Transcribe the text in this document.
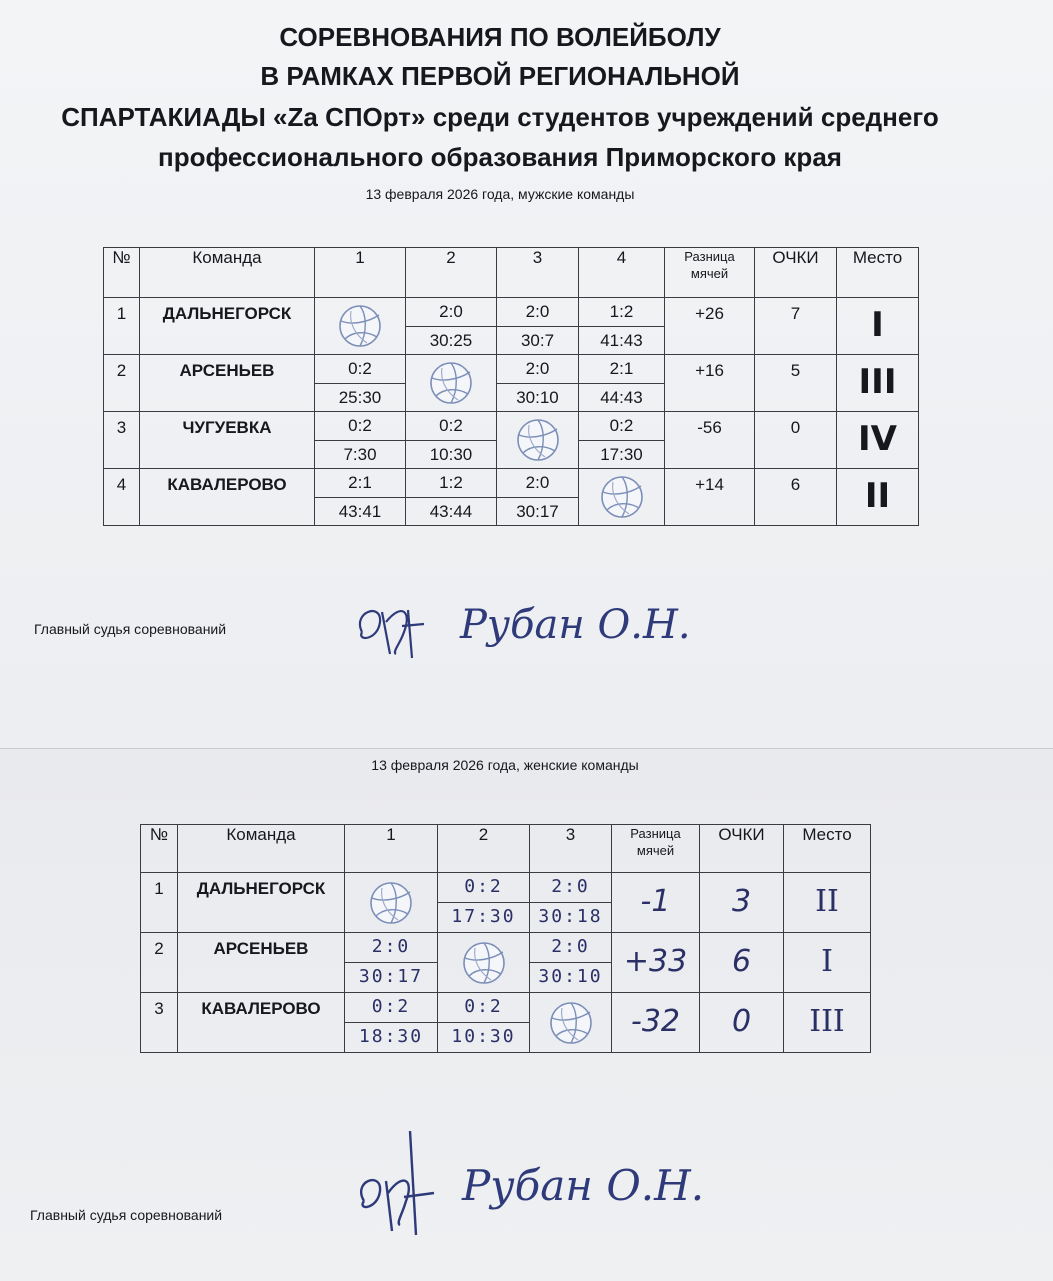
СОРЕВНОВАНИЯ ПО ВОЛЕЙБОЛУ
В РАМКАХ ПЕРВОЙ РЕГИОНАЛЬНОЙ
СПАРТАКИАДЫ «Za СПОрт» среди студентов учреждений среднего
профессионального образования Приморского края
13 февраля 2026 года, мужские команды
№	Команда	1	2	3	4	Разница мячей	ОЧКИ	Место
1	ДАЛЬНЕГОРСК		2:0	2:0	1:2	+26	7	I
			30:25	30:7	41:43			
2	АРСЕНЬЕВ	0:2		2:0	2:1	+16	5	III
		25:30		30:10	44:43			
3	ЧУГУЕВКА	0:2	0:2		0:2	-56	0	IV
		7:30	10:30		17:30			
4	КАВАЛЕРОВО	2:1	1:2	2:0		+14	6	II
		43:41	43:44	30:17				
Главный судья соревнований	Рубан О.Н.
13 февраля 2026 года, женские команды
№	Команда	1	2	3	Разница мячей	ОЧКИ	Место
1	ДАЛЬНЕГОРСК		0:2	2:0	-1	3	II
			17:30	30:18			
2	АРСЕНЬЕВ	2:0		2:0	+33	6	I
		30:17		30:10			
3	КАВАЛЕРОВО	0:2	0:2		-32	0	III
		18:30	10:30				
Главный судья соревнований
Рубан О.Н.
